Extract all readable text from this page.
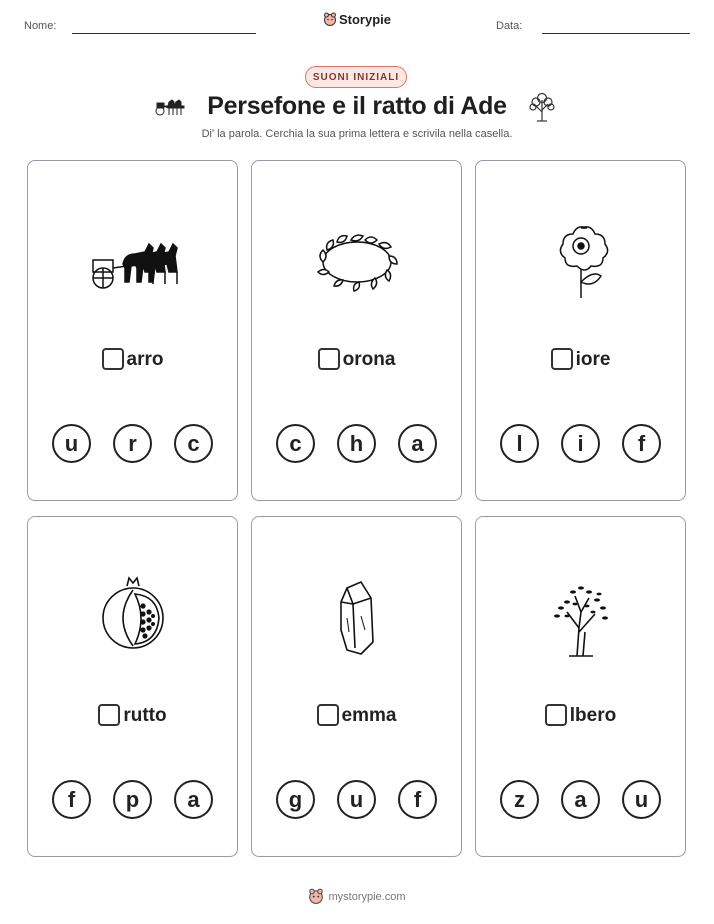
Nome:	Storypie	Data:
SUONI INIZIALI
Persefone e il ratto di Ade
Di' la parola. Cerchia la sua prima lettera e scrivila nella casella.
arro
u	r	c
orona
c	h	a
iore
l	i	f
rutto
f	p	a
emma
g	u	f
lbero
z	a	u
mystorypie.com
